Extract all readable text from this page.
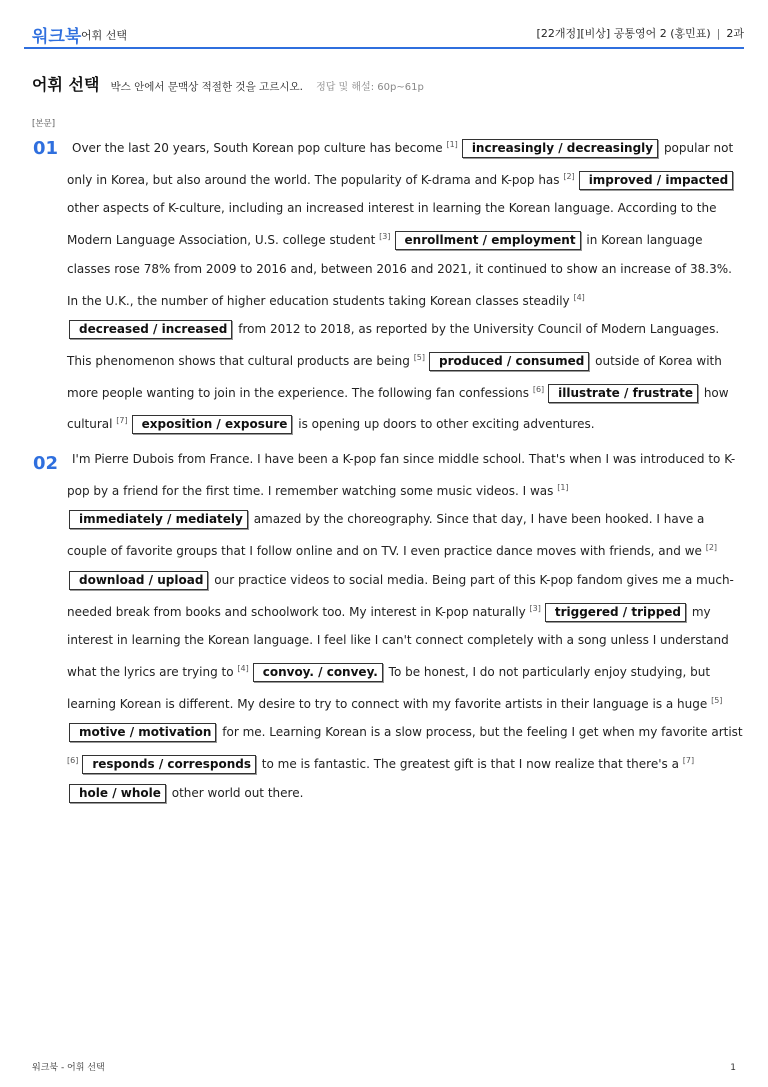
워크북 어휘 선택	[22개정][비상] 공통영어 2 (홍민표) | 2과
어휘 선택 박스 안에서 문맥상 적절한 것을 고르시오. 정답 및 해설: 60p~61p
[본문]
01	Over the last 20 years, South Korean pop culture has become [1] increasingly / decreasingly popular not only in Korea, but also around the world. The popularity of K-drama and K-pop has [2] improved / impacted other aspects of K-culture, including an increased interest in learning the Korean language. According to the Modern Language Association, U.S. college student [3] enrollment / employment in Korean language classes rose 78% from 2009 to 2016 and, between 2016 and 2021, it continued to show an increase of 38.3%. In the U.K., the number of higher education students taking Korean classes steadily [4]decreased / increased from 2012 to 2018, as reported by the University Council of Modern Languages. This phenomenon shows that cultural products are being [5] produced / consumed outside of Korea with more people wanting to join in the experience. The following fan confessions [6] illustrate / frustrate how cultural [7] exposition / exposure is opening up doors to other exciting adventures.
02	I'm Pierre Dubois from France. I have been a K-pop fan since middle school. That's when I was introduced to K-pop by a friend for the first time. I remember watching some music videos. I was [1]immediately / mediately amazed by the choreography. Since that day, I have been hooked. I have a couple of favorite groups that I follow online and on TV. I even practice dance moves with friends, and we [2]download / upload our practice videos to social media. Being part of this K-pop fandom gives me a much-needed break from books and schoolwork too. My interest in K-pop naturally [3] triggered / tripped my interest in learning the Korean language. I feel like I can't connect completely with a song unless I understand what the lyrics are trying to [4] convoy. / convey. To be honest, I do not particularly enjoy studying, but learning Korean is different. My desire to try to connect with my favorite artists in their language is a huge [5]motive / motivation for me. Learning Korean is a slow process, but the feeling I get when my favorite artist [6] responds / corresponds to me is fantastic. The greatest gift is that I now realize that there's a [7]hole / whole other world out there.
워크북 - 어휘 선택	1
